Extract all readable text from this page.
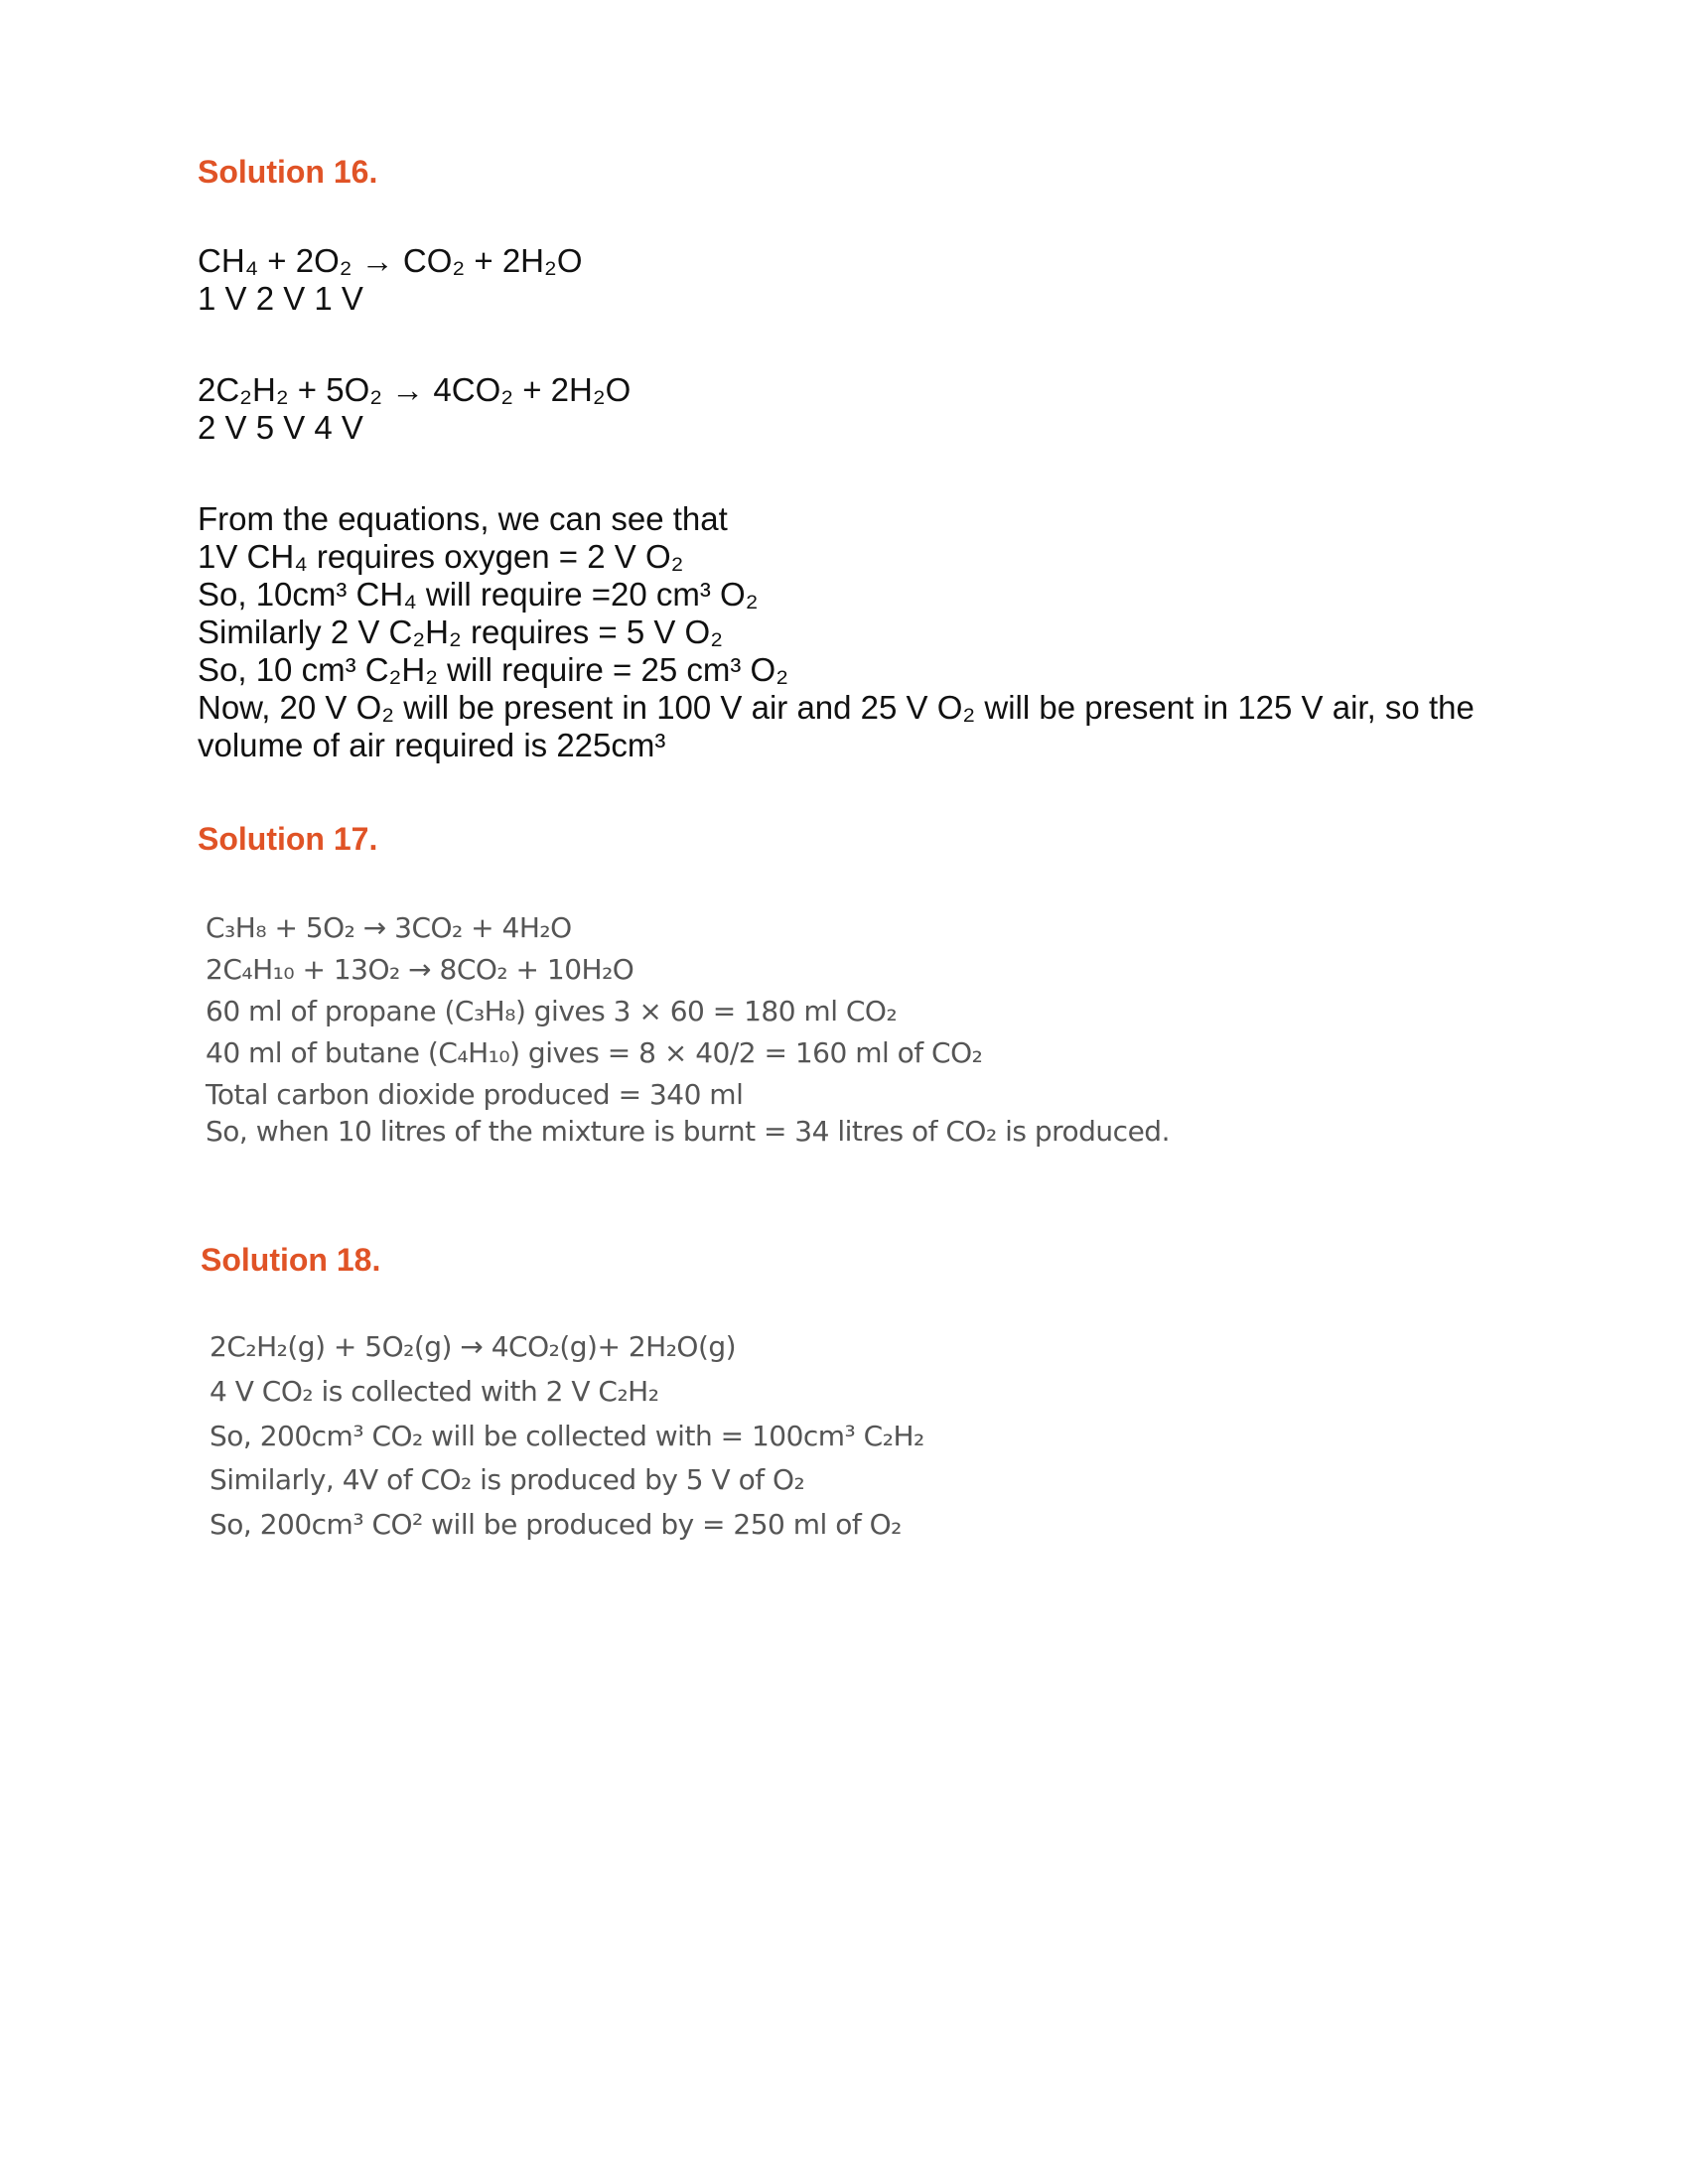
Solution 16.
CH₄ + 2O₂ → CO₂ + 2H₂O
1 V 2 V 1 V
2C₂H₂ + 5O₂ → 4CO₂ + 2H₂O
2 V 5 V 4 V
From the equations, we can see that
1V CH₄ requires oxygen = 2 V O₂
So, 10cm³ CH₄ will require =20 cm³ O₂
Similarly 2 V C₂H₂ requires = 5 V O₂
So, 10 cm³ C₂H₂ will require = 25 cm³ O₂
Now, 20 V O₂ will be present in 100 V air and 25 V O₂ will be present in 125 V air, so the volume of air required is 225cm³
Solution 17.
C₃H₈ + 5O₂ → 3CO₂ + 4H₂O
2C₄H₁₀ + 13O₂ → 8CO₂ + 10H₂O
60 ml of propane (C₃H₈) gives 3 × 60 = 180 ml CO₂
40 ml of butane (C₄H₁₀) gives = 8 × 40/2 = 160 ml of CO₂
Total carbon dioxide produced = 340 ml
So, when 10 litres of the mixture is burnt = 34 litres of CO₂ is produced.
Solution 18.
2C₂H₂(g) + 5O₂(g) → 4CO₂(g)+ 2H₂O(g)
4 V CO₂ is collected with 2 V C₂H₂
So, 200cm³ CO₂ will be collected with = 100cm³ C₂H₂
Similarly, 4V of CO₂ is produced by 5 V of O₂
So, 200cm³ CO² will be produced by = 250 ml of O₂
